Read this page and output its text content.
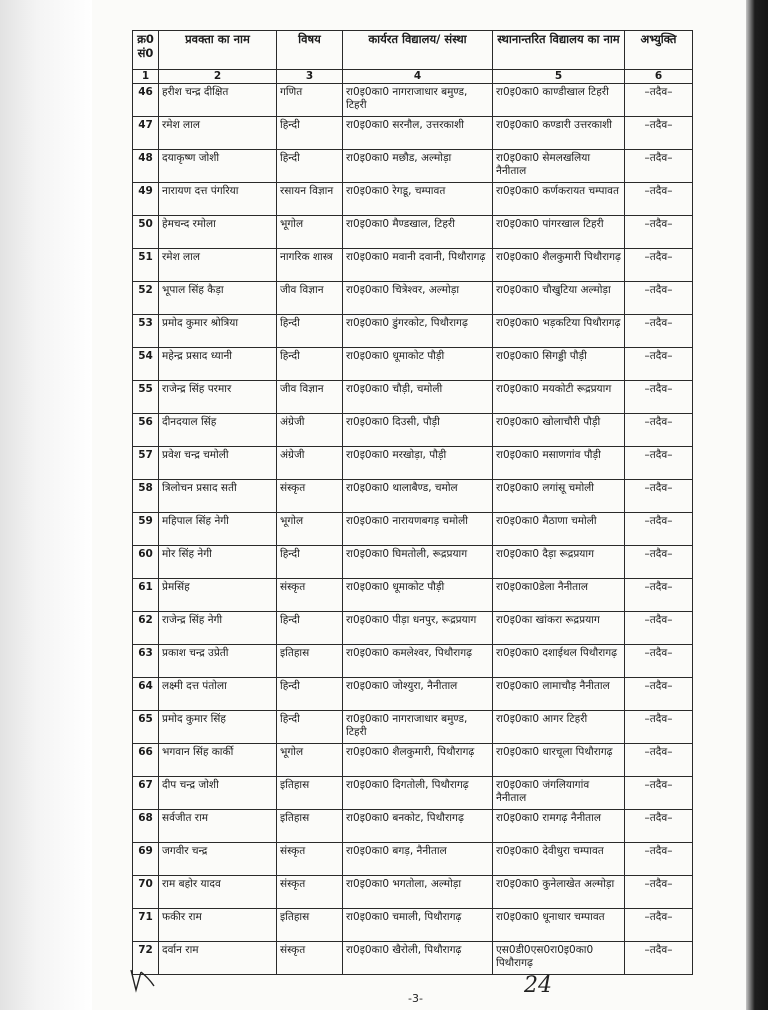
क्र0 सं0	प्रवक्ता का नाम	विषय	कार्यरत विद्यालय/ संस्था	स्थानान्तरित विद्यालय का नाम	अभ्युक्ति
1	2	3	4	5	6
46	हरीश चन्द्र दीक्षित	गणित	रा0इ0का0 नागराजाधार बमुण्ड, टिहरी	रा0इ0का0 काण्डीखाल टिहरी	–तदैव–
47	रमेश लाल	हिन्दी	रा0इ0का0 सरनौल, उत्तरकाशी	रा0इ0का0 कण्डारी उत्तरकाशी	–तदैव–
48	दयाकृष्ण जोशी	हिन्दी	रा0इ0का0 मछौड, अल्मोड़ा	रा0इ0का0 सेमलखलिया नैनीताल	–तदैव–
49	नारायण दत्त पंगरिया	रसायन विज्ञान	रा0इ0का0 रेगडू, चम्पावत	रा0इ0का0 कर्णकरायत चम्पावत	–तदैव–
50	हेमचन्द रमोला	भूगोल	रा0इ0का0 मैण्डखाल, टिहरी	रा0इ0का0 पांगरखाल टिहरी	–तदैव–
51	रमेश लाल	नागरिक शास्त्र	रा0इ0का0 मवानी दवानी, पिथौरागढ़	रा0इ0का0 शैलकुमारी पिथौरागढ़	–तदैव–
52	भूपाल सिंह कैड़ा	जीव विज्ञान	रा0इ0का0 चित्रेश्वर, अल्मोड़ा	रा0इ0का0 चौखुटिया अल्मोड़ा	–तदैव–
53	प्रमोद कुमार श्रोत्रिया	हिन्दी	रा0इ0का0 डुंगरकोट, पिथौरागढ़	रा0इ0का0 भड़कटिया पिथौरागढ़	–तदैव–
54	महेन्द्र प्रसाद ध्यानी	हिन्दी	रा0इ0का0 धूमाकोट पौड़ी	रा0इ0का0 सिगड्डी पौड़ी	–तदैव–
55	राजेन्द्र सिंह परमार	जीव विज्ञान	रा0इ0का0 चौड़ी, चमोली	रा0इ0का0 मयकोटी रूद्रप्रयाग	–तदैव–
56	दीनदयाल सिंह	अंग्रेजी	रा0इ0का0 दिउसी, पौड़ी	रा0इ0का0 खोलाचौरी पौड़ी	–तदैव–
57	प्रवेश चन्द्र चमोली	अंग्रेजी	रा0इ0का0 मरखोड़ा, पौड़ी	रा0इ0का0 मसाणगांव पौड़ी	–तदैव–
58	त्रिलोचन प्रसाद सती	संस्कृत	रा0इ0का0 थालाबैण्ड, चमोल	रा0इ0का0 लगांसू चमोली	–तदैव–
59	महिपाल सिंह नेगी	भूगोल	रा0इ0का0 नारायणबगड़ चमोली	रा0इ0का0 मैठाणा चमोली	–तदैव–
60	मोर सिंह नेगी	हिन्दी	रा0इ0का0 घिमतोली, रूद्रप्रयाग	रा0इ0का0 दैड़ा रूद्रप्रयाग	–तदैव–
61	प्रेमसिंह	संस्कृत	रा0इ0का0 धूमाकोट पौड़ी	रा0इ0का0डेला नैनीताल	–तदैव–
62	राजेन्द्र सिंह नेगी	हिन्दी	रा0इ0का0 पीड़ा धनपुर, रूद्रप्रयाग	रा0इ0का खांकरा रूद्रप्रयाग	–तदैव–
63	प्रकाश चन्द्र उप्रेती	इतिहास	रा0इ0का0 कमलेश्वर, पिथौरागढ़	रा0इ0का0 दशाईथल पिथौरागढ़	–तदैव–
64	लक्ष्मी दत्त पंतोला	हिन्दी	रा0इ0का0 जोश्युरा, नैनीताल	रा0इ0का0 लामाचौड़ नैनीताल	–तदैव–
65	प्रमोद कुमार सिंह	हिन्दी	रा0इ0का0 नागराजाधार बमुण्ड, टिहरी	रा0इ0का0 आगर टिहरी	–तदैव–
66	भगवान सिंह कार्की	भूगोल	रा0इ0का0 शैलकुमारी, पिथौरागढ़	रा0इ0का0 धारचूला पिथौरागढ़	–तदैव–
67	दीप चन्द्र जोशी	इतिहास	रा0इ0का0 दिगतोली, पिथौरागढ़	रा0इ0का0 जंगलियागांव नैनीताल	–तदैव–
68	सर्वजीत राम	इतिहास	रा0इ0का0 बनकोट, पिथौरागढ़	रा0इ0का0 रामगढ़ नैनीताल	–तदैव–
69	जगवीर चन्द्र	संस्कृत	रा0इ0का0 बगड़, नैनीताल	रा0इ0का0 देवीधुरा चम्पावत	–तदैव–
70	राम बहोर यादव	संस्कृत	रा0इ0का0 भगतोला, अल्मोड़ा	रा0इ0का0 कुनेलाखेत अल्मोड़ा	–तदैव–
71	फकीर राम	इतिहास	रा0इ0का0 चमाली, पिथौरागढ़	रा0इ0का0 धूनाधार चम्पावत	–तदैव–
72	दर्वान राम	संस्कृत	रा0इ0का0 खैरोली, पिथौरागढ़	एस0डी0एस0रा0इ0का0 पिथौरागढ़	–तदैव–
24
-3-
